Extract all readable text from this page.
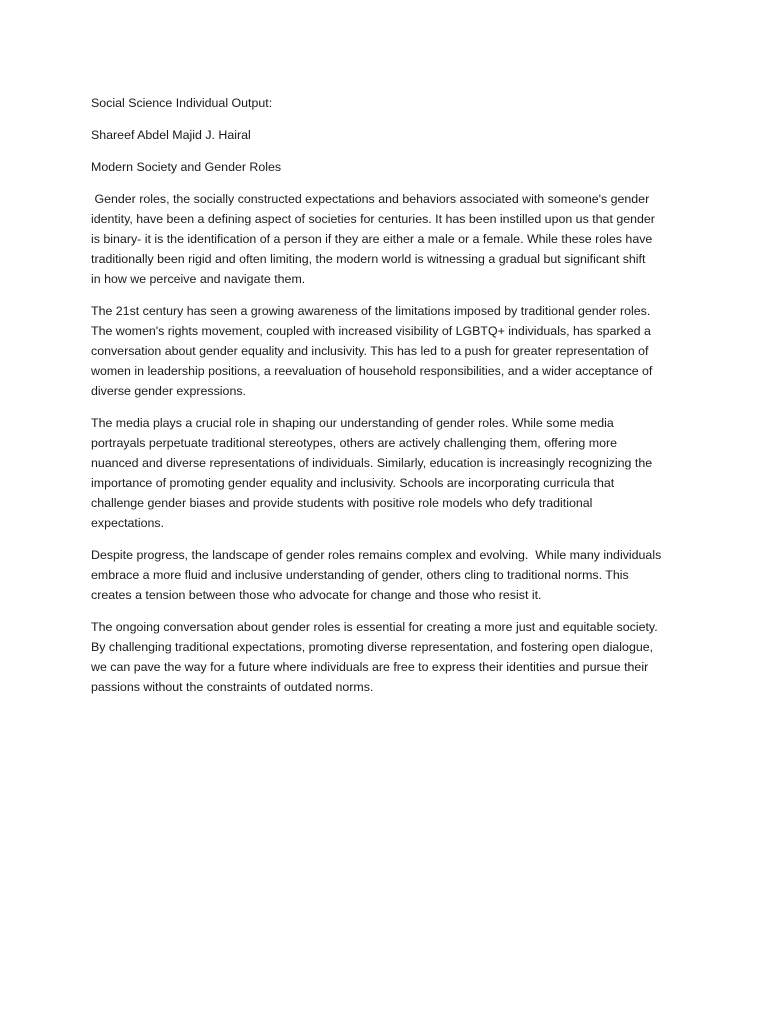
Social Science Individual Output:
Shareef Abdel Majid J. Hairal
Modern Society and Gender Roles
Gender roles, the socially constructed expectations and behaviors associated with someone's gender
identity, have been a defining aspect of societies for centuries. It has been instilled upon us that gender
is binary- it is the identification of a person if they are either a male or a female. While these roles have
traditionally been rigid and often limiting, the modern world is witnessing a gradual but significant shift
in how we perceive and navigate them.
The 21st century has seen a growing awareness of the limitations imposed by traditional gender roles.
The women's rights movement, coupled with increased visibility of LGBTQ+ individuals, has sparked a
conversation about gender equality and inclusivity. This has led to a push for greater representation of
women in leadership positions, a reevaluation of household responsibilities, and a wider acceptance of
diverse gender expressions.
The media plays a crucial role in shaping our understanding of gender roles. While some media
portrayals perpetuate traditional stereotypes, others are actively challenging them, offering more
nuanced and diverse representations of individuals. Similarly, education is increasingly recognizing the
importance of promoting gender equality and inclusivity. Schools are incorporating curricula that
challenge gender biases and provide students with positive role models who defy traditional
expectations.
Despite progress, the landscape of gender roles remains complex and evolving.  While many individuals
embrace a more fluid and inclusive understanding of gender, others cling to traditional norms. This
creates a tension between those who advocate for change and those who resist it.
The ongoing conversation about gender roles is essential for creating a more just and equitable society.
By challenging traditional expectations, promoting diverse representation, and fostering open dialogue,
we can pave the way for a future where individuals are free to express their identities and pursue their
passions without the constraints of outdated norms.
